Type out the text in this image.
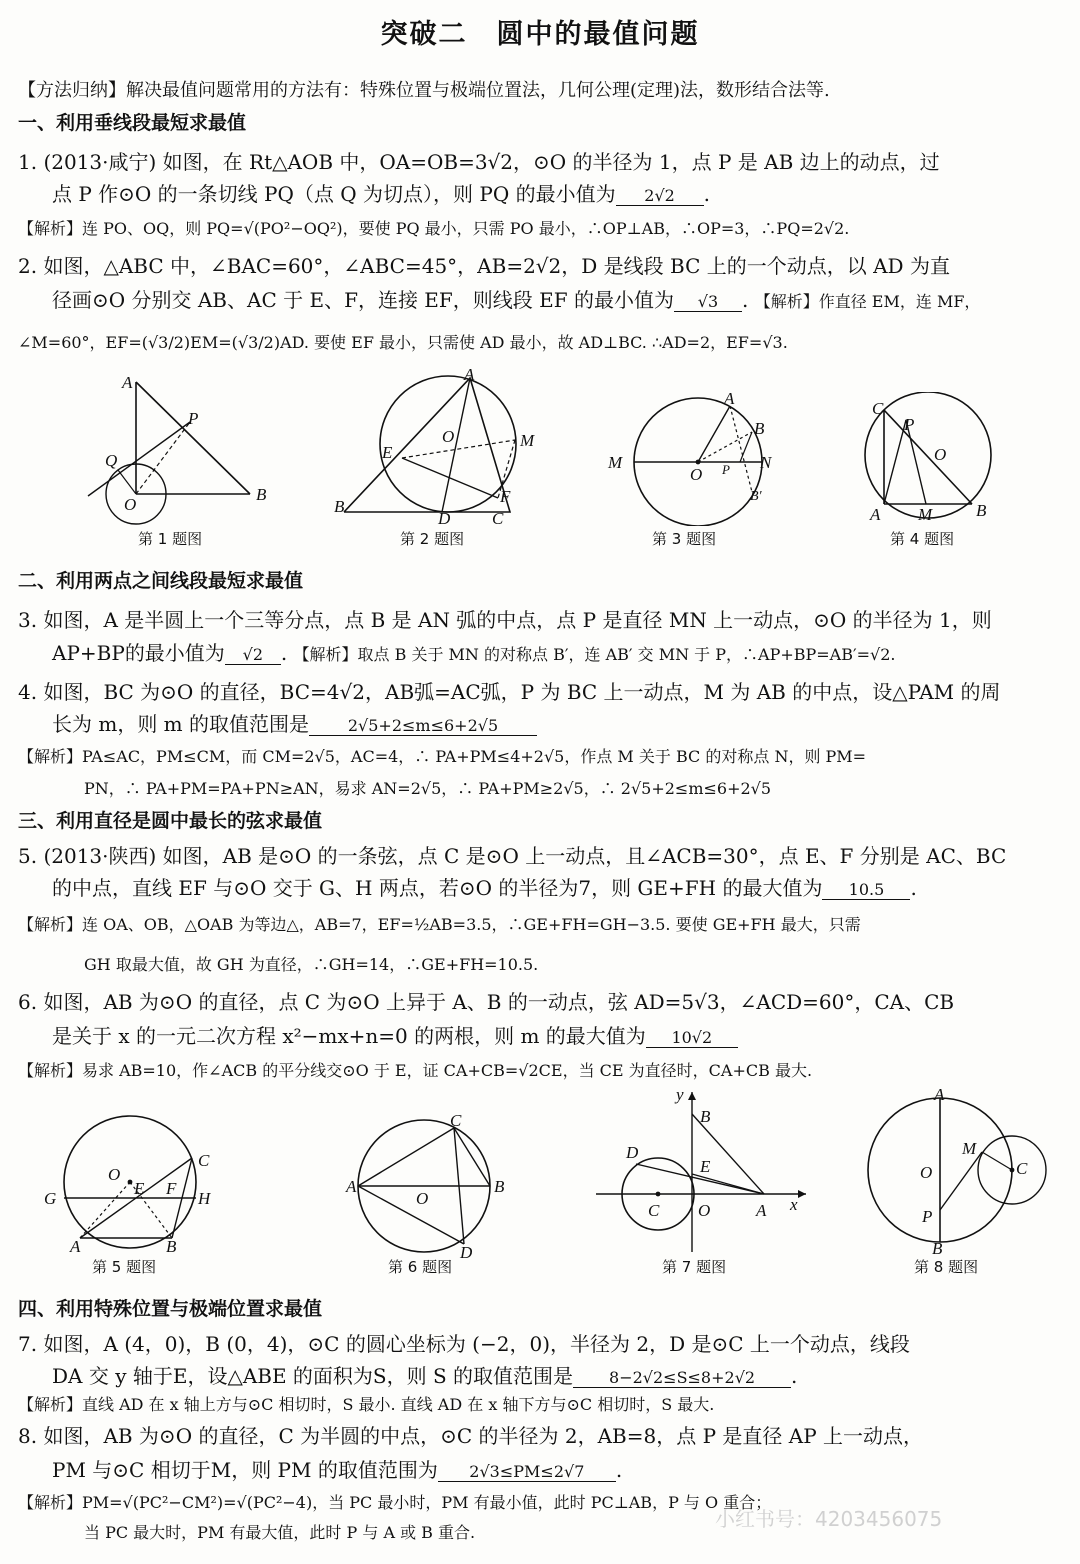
突破二　圆中的最值问题
【方法归纳】解决最值问题常用的方法有：特殊位置与极端位置法，几何公理(定理)法，数形结合法等.
一、利用垂线段最短求最值
1. (2013·咸宁) 如图，在 Rt△AOB 中，OA=OB=3√2，⊙O 的半径为 1，点 P 是 AB 边上的动点，过
点 P 作⊙O 的一条切线 PQ（点 Q 为切点），则 PQ 的最小值为 2√2 .
【解析】连 PO、OQ，则 PQ=√(PO²−OQ²)，要使 PQ 最小，只需 PO 最小，∴OP⊥AB，∴OP=3，∴PQ=2√2.
2. 如图，△ABC 中，∠BAC=60°，∠ABC=45°，AB=2√2，D 是线段 BC 上的一个动点，以 AD 为直
径画⊙O 分别交 AB、AC 于 E、F，连接 EF，则线段 EF 的最小值为 √3 . 【解析】作直径 EM，连 MF，
∠M=60°，EF=(√3/2)EM=(√3/2)AD. 要使 EF 最小，只需使 AD 最小，故 AD⊥BC. ∴AD=2，EF=√3.
A
P
Q
O
B
第 1 题图
A
E
O	M
B
D
F
C
第 2 题图
A
B
M
O P N
B′
第 3 题图
C
P
O
A M	B
第 4 题图
二、利用两点之间线段最短求最值
3. 如图，A 是半圆上一个三等分点，点 B 是 AN 弧的中点，点 P 是直径 MN 上一动点，⊙O 的半径为 1，则
AP+BP的最小值为 √2 . 【解析】取点 B 关于 MN 的对称点 B′，连 AB′ 交 MN 于 P，∴AP+BP=AB′=√2.
4. 如图，BC 为⊙O 的直径，BC=4√2，AB弧=AC弧，P 为 BC 上一动点，M 为 AB 的中点，设△PAM 的周
长为 m，则 m 的取值范围是 2√5+2≤m≤6+2√5
【解析】PA≤AC，PM≤CM，而 CM=2√5，AC=4，∴ PA+PM≤4+2√5，作点 M 关于 BC 的对称点 N，则 PM=
PN，∴ PA+PM=PA+PN≥AN，易求 AN=2√5，∴ PA+PM≥2√5，∴ 2√5+2≤m≤6+2√5
三、利用直径是圆中最长的弦求最值
5. (2013·陕西) 如图，AB 是⊙O 的一条弦，点 C 是⊙O 上一动点，且∠ACB=30°，点 E、F 分别是 AC、BC
的中点，直线 EF 与⊙O 交于 G、H 两点，若⊙O 的半径为7，则 GE+FH 的最大值为 10.5 .
【解析】连 OA、OB，△OAB 为等边△，AB=7，EF=½AB=3.5，∴GE+FH=GH−3.5. 要使 GE+FH 最大，只需
GH 取最大值，故 GH 为直径，∴GH=14，∴GE+FH=10.5.
6. 如图，AB 为⊙O 的直径，点 C 为⊙O 上异于 A、B 的一动点，弦 AD=5√3，∠ACD=60°，CA、CB
是关于 x 的一元二次方程 x²−mx+n=0 的两根，则 m 的最大值为 10√2
【解析】易求 AB=10，作∠ACB 的平分线交⊙O 于 E，证 CA+CB=√2CE，当 CE 为直径时，CA+CB 最大.
C
O
E F
G	H
A	B
第 5 题图
C
A
O
B
D
第 6 题图
y
B
D
E
C O	A x
第 7 题图
A
M
O	C
P
B
第 8 题图
四、利用特殊位置与极端位置求最值
7. 如图，A (4，0)，B (0，4)，⊙C 的圆心坐标为 (−2，0)，半径为 2，D 是⊙C 上一个动点，线段
DA 交 y 轴于E，设△ABE 的面积为S，则 S 的取值范围是 8−2√2≤S≤8+2√2 .
【解析】直线 AD 在 x 轴上方与⊙C 相切时，S 最小. 直线 AD 在 x 轴下方与⊙C 相切时，S 最大.
8. 如图，AB 为⊙O 的直径，C 为半圆的中点，⊙C 的半径为 2，AB=8，点 P 是直径 AP 上一动点，
PM 与⊙C 相切于M，则 PM 的取值范围为 2√3≤PM≤2√7 .
【解析】PM=√(PC²−CM²)=√(PC²−4)，当 PC 最小时，PM 有最小值，此时 PC⊥AB，P 与 O 重合；
当 PC 最大时，PM 有最大值，此时 P 与 A 或 B 重合.
小红书号：4203456075
